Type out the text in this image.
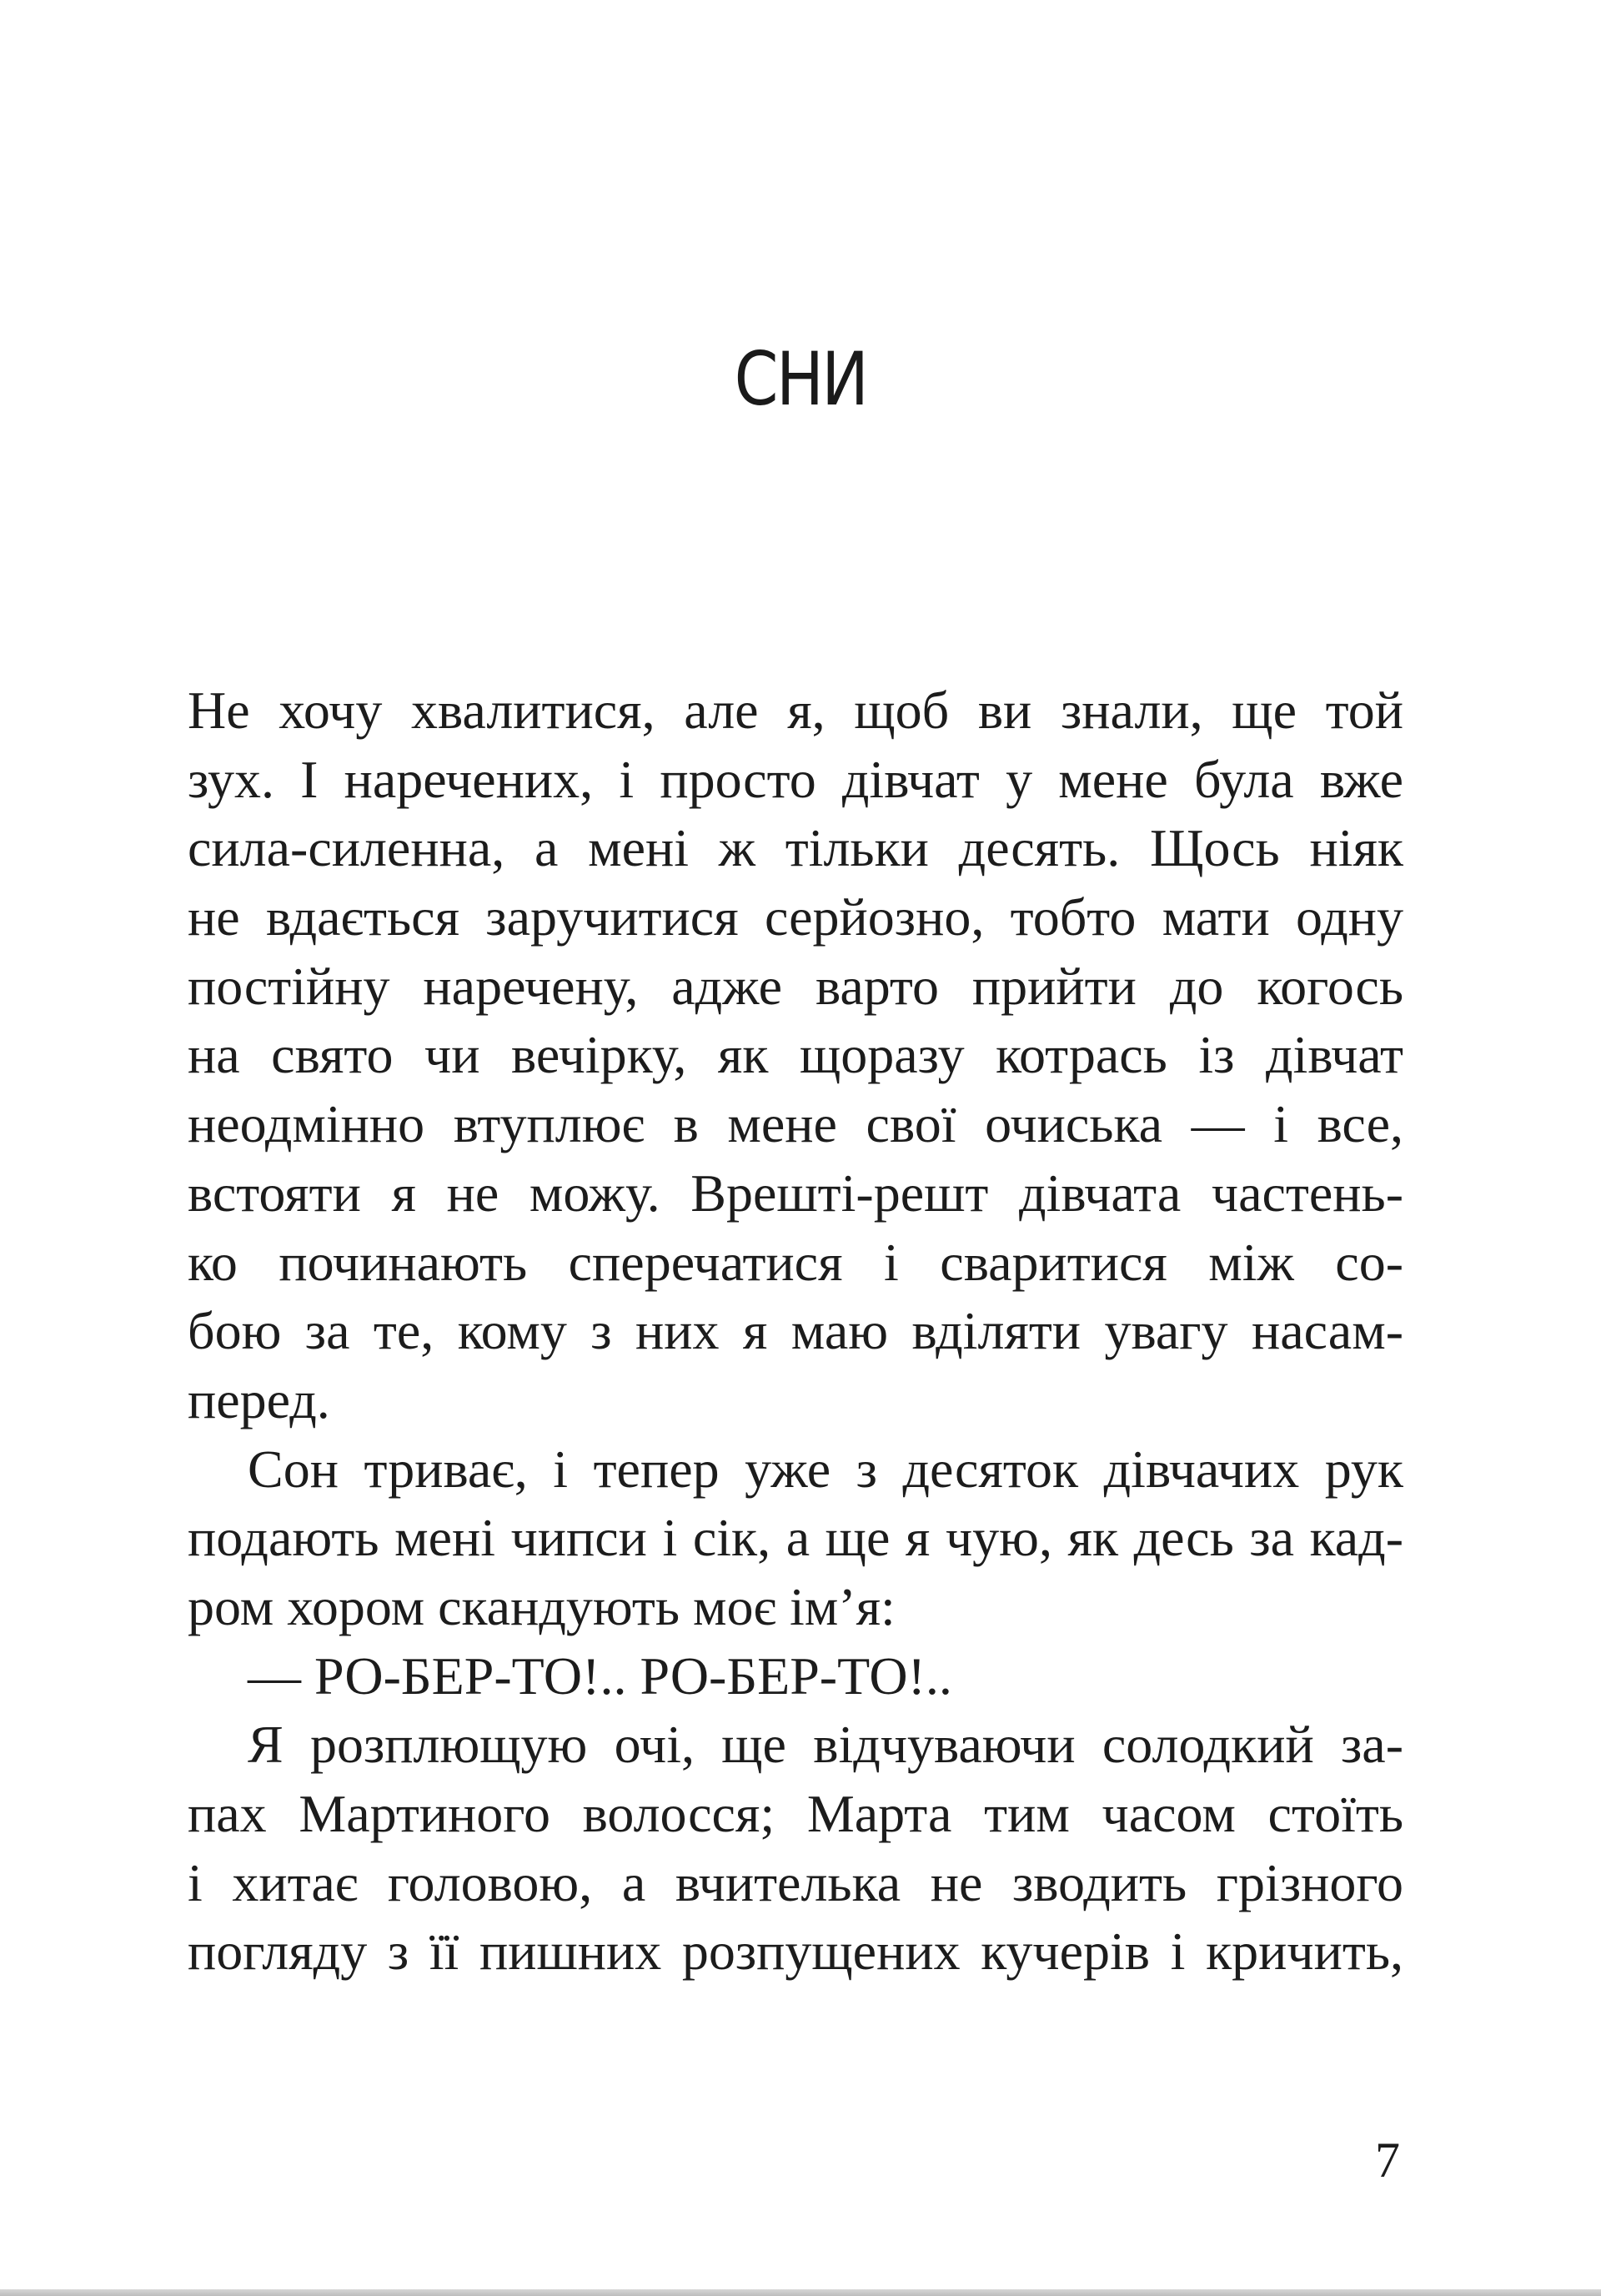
СНИ
Не хочу хвалитися, але я, щоб ви знали, ще той
зух. І наречених, і просто дівчат у мене була вже
сила-силенна, а мені ж тільки десять. Щось ніяк
не вдається заручитися серйозно, тобто мати одну
постійну наречену, адже варто прийти до когось
на свято чи вечірку, як щоразу котрась із дівчат
неодмінно втуплює в мене свої очиська — і все,
встояти я не можу. Врешті-решт дівчата частень-
ко починають сперечатися і сваритися між со-
бою за те, кому з них я маю вділяти увагу насам-
перед.
Сон триває, і тепер уже з десяток дівчачих рук
подають мені чипси і сік, а ще я чую, як десь за кад-
ром хором скандують моє ім’я:
— РО-БЕР-ТО!.. РО-БЕР-ТО!..
Я розплющую очі, ще відчуваючи солодкий за-
пах Мартиного волосся; Марта тим часом стоїть
і хитає головою, а вчителька не зводить грізного
погляду з її пишних розпущених кучерів і кричить,
7
